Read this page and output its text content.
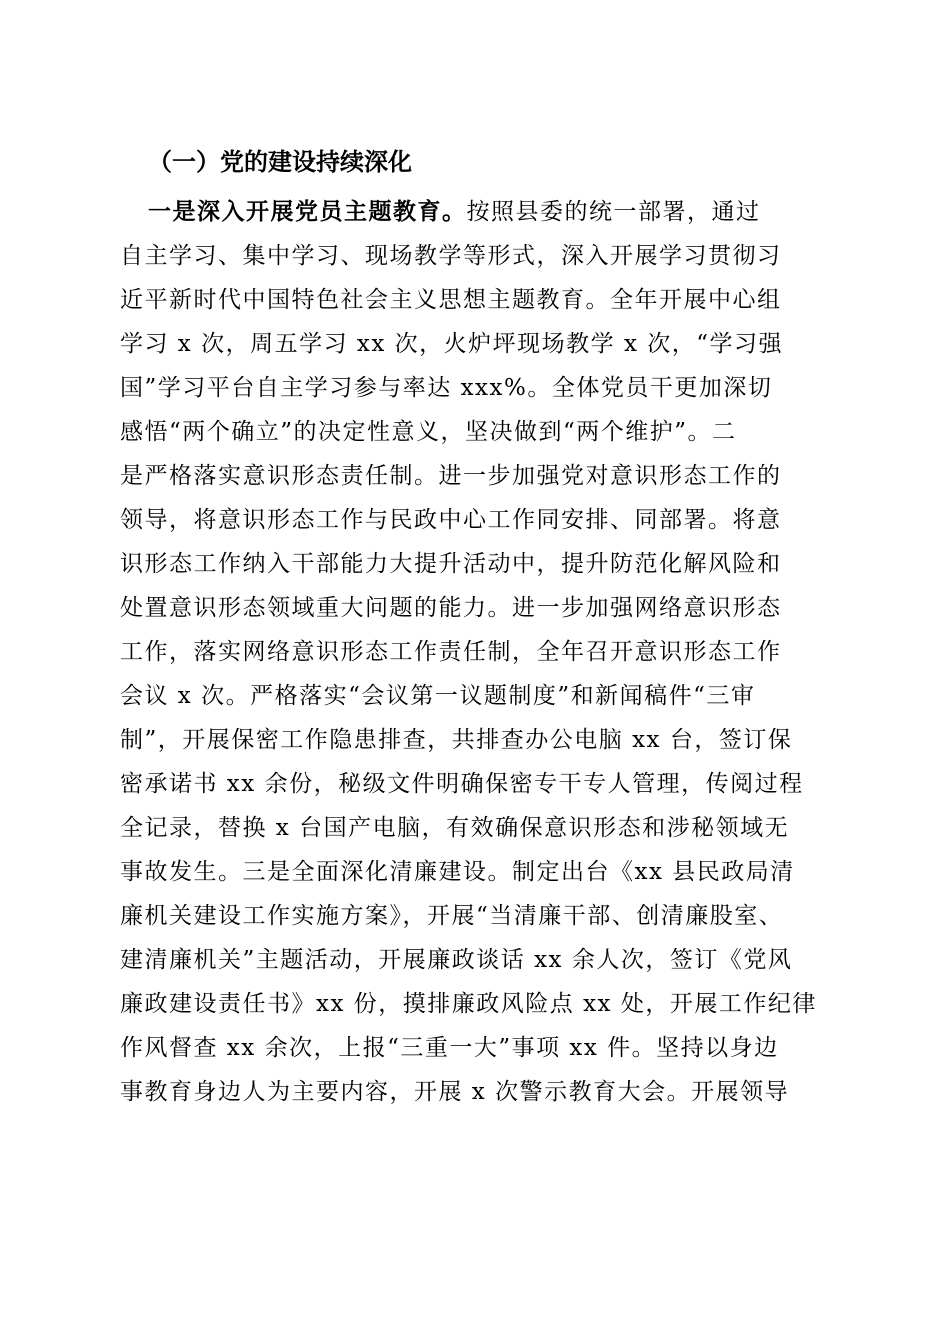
（一）党的建设持续深化
一是深入开展党员主题教育。按照县委的统一部署，通过
自主学习、集中学习、现场教学等形式，深入开展学习贯彻习
近平新时代中国特色社会主义思想主题教育。全年开展中心组
学习 x 次，周五学习 xx 次，火炉坪现场教学 x 次，“学习强
国”学习平台自主学习参与率达 xxx%。全体党员干更加深切
感悟“两个确立”的决定性意义，坚决做到“两个维护”。二
是严格落实意识形态责任制。进一步加强党对意识形态工作的
领导，将意识形态工作与民政中心工作同安排、同部署。将意
识形态工作纳入干部能力大提升活动中，提升防范化解风险和
处置意识形态领域重大问题的能力。进一步加强网络意识形态
工作，落实网络意识形态工作责任制，全年召开意识形态工作
会议 x 次。严格落实“会议第一议题制度”和新闻稿件“三审
制”，开展保密工作隐患排查，共排查办公电脑 xx 台，签订保
密承诺书 xx 余份，秘级文件明确保密专干专人管理，传阅过程
全记录，替换 x 台国产电脑，有效确保意识形态和涉秘领域无
事故发生。三是全面深化清廉建设。制定出台《xx 县民政局清
廉机关建设工作实施方案》，开展“当清廉干部、创清廉股室、
建清廉机关”主题活动，开展廉政谈话 xx 余人次，签订《党风
廉政建设责任书》xx 份，摸排廉政风险点 xx 处，开展工作纪律
作风督查 xx 余次，上报“三重一大”事项 xx 件。坚持以身边
事教育身边人为主要内容，开展 x 次警示教育大会。开展领导
